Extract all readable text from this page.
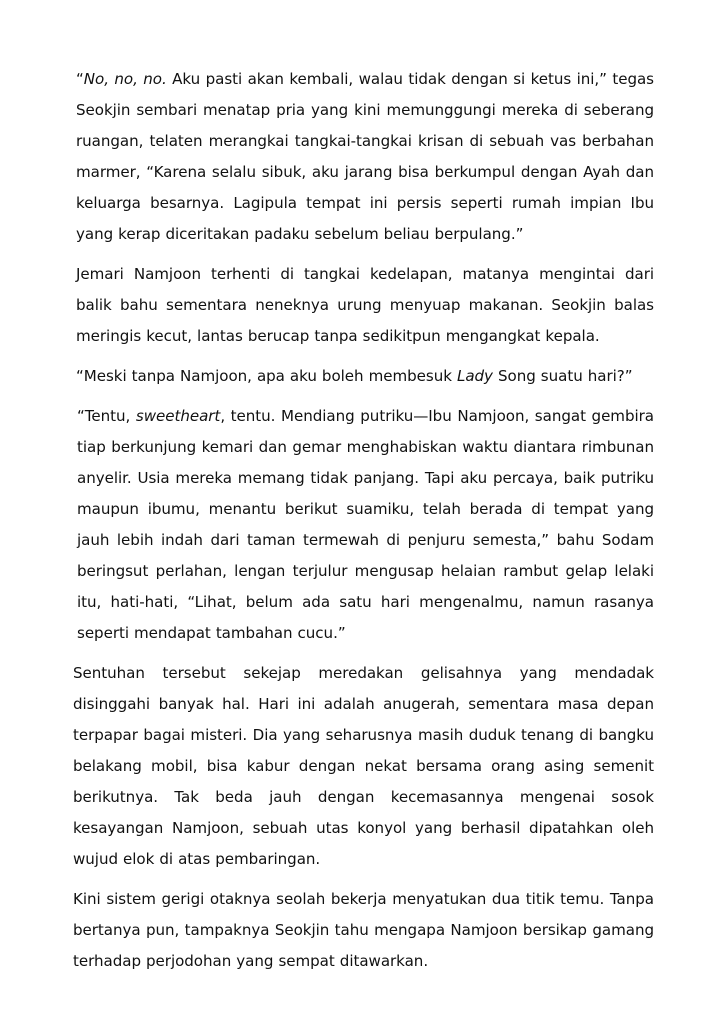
“No, no, no. Aku pasti akan kembali, walau tidak dengan si ketus ini,” tegas Seokjin sembari menatap pria yang kini memunggungi mereka di seberang ruangan, telaten merangkai tangkai-tangkai krisan di sebuah vas berbahan marmer, “Karena selalu sibuk, aku jarang bisa berkumpul dengan Ayah dan keluarga besarnya. Lagipula tempat ini persis seperti rumah impian Ibu yang kerap diceritakan padaku sebelum beliau berpulang.”

Jemari Namjoon terhenti di tangkai kedelapan, matanya mengintai dari balik bahu sementara neneknya urung menyuap makanan. Seokjin balas meringis kecut, lantas berucap tanpa sedikitpun mengangkat kepala.

“Meski tanpa Namjoon, apa aku boleh membesuk Lady Song suatu hari?”

“Tentu, sweetheart, tentu. Mendiang putriku—Ibu Namjoon, sangat gembira tiap berkunjung kemari dan gemar menghabiskan waktu diantara rimbunan anyelir. Usia mereka memang tidak panjang. Tapi aku percaya, baik putriku maupun ibumu, menantu berikut suamiku, telah berada di tempat yang jauh lebih indah dari taman termewah di penjuru semesta,” bahu Sodam beringsut perlahan, lengan terjulur mengusap helaian rambut gelap lelaki itu, hati-hati, “Lihat, belum ada satu hari mengenalmu, namun rasanya seperti mendapat tambahan cucu.”

Sentuhan tersebut sekejap meredakan gelisahnya yang mendadak disinggahi banyak hal. Hari ini adalah anugerah, sementara masa depan terpapar bagai misteri. Dia yang seharusnya masih duduk tenang di bangku belakang mobil, bisa kabur dengan nekat bersama orang asing semenit berikutnya. Tak beda jauh dengan kecemasannya mengenai sosok kesayangan Namjoon, sebuah utas konyol yang berhasil dipatahkan oleh wujud elok di atas pembaringan.

Kini sistem gerigi otaknya seolah bekerja menyatukan dua titik temu. Tanpa bertanya pun, tampaknya Seokjin tahu mengapa Namjoon bersikap gamang terhadap perjodohan yang sempat ditawarkan.
